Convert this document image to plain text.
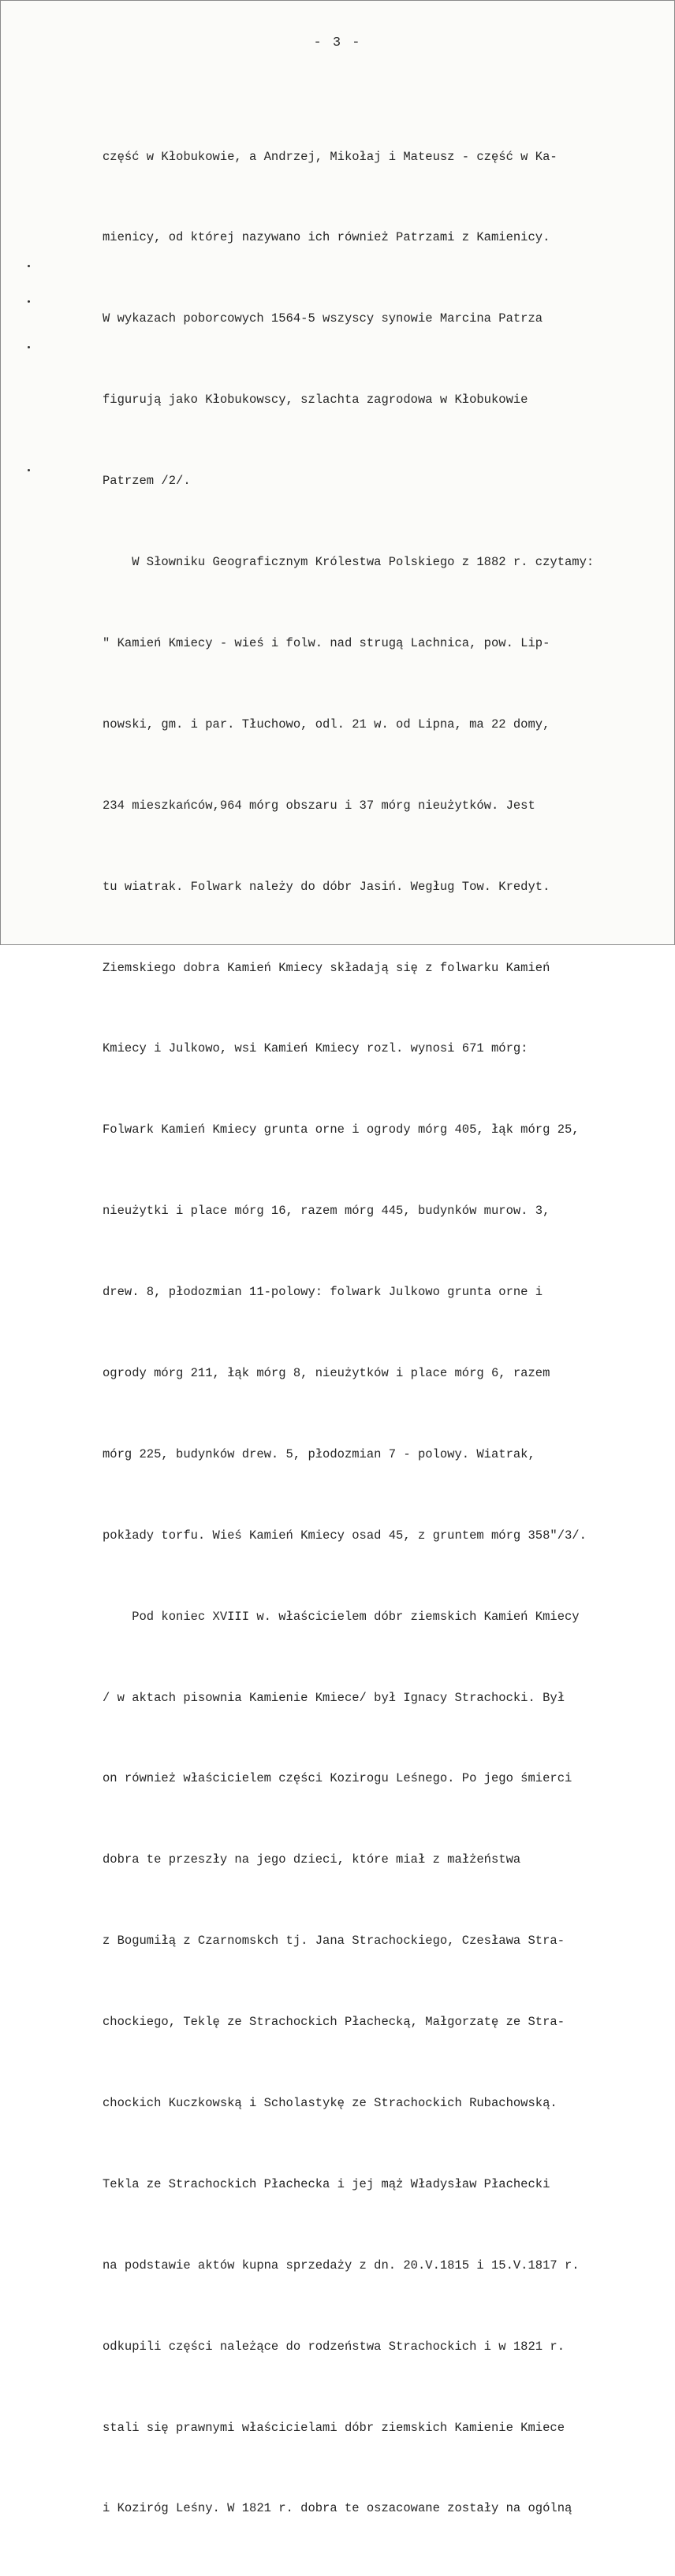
- 3 -

część w Kłobukowie, a Andrzej, Mikołaj i Mateusz - część w Ka-

mienicy, od której nazywano ich również Patrzami z Kamienicy.

W wykazach poborcowych 1564-5 wszyscy synowie Marcina Patrza

figurują jako Kłobukowscy, szlachta zagrodowa w Kłobukowie

Patrzem /2/.

W Słowniku Geograficznym Królestwa Polskiego z 1882 r. czytamy:

" Kamień Kmiecy - wieś i folw. nad strugą Lachnica, pow. Lip-

nowski, gm. i par. Tłuchowo, odl. 21 w. od Lipna, ma 22 domy,

234 mieszkańców,964 mórg obszaru i 37 mórg nieużytków. Jest

tu wiatrak. Folwark należy do dóbr Jasiń. Wegług Tow. Kredyt.

Ziemskiego dobra Kamień Kmiecy składają się z folwarku Kamień

Kmiecy i Julkowo, wsi Kamień Kmiecy rozl. wynosi 671 mórg:

Folwark Kamień Kmiecy grunta orne i ogrody mórg 405, łąk mórg 25,

nieużytki i place mórg 16, razem mórg 445, budynków murow. 3,

drew. 8, płodozmian 11-polowy: folwark Julkowo grunta orne i

ogrody mórg 211, łąk mórg 8, nieużytków i place mórg 6, razem

mórg 225, budynków drew. 5, płodozmian 7 - polowy. Wiatrak,

pokłady torfu. Wieś Kamień Kmiecy osad 45, z gruntem mórg 358"/3/.

Pod koniec XVIII w. właścicielem dóbr ziemskich Kamień Kmiecy

/ w aktach pisownia Kamienie Kmiece/ był Ignacy Strachocki. Był

on również właścicielem części Kozirogu Leśnego. Po jego śmierci

dobra te przeszły na jego dzieci, które miał z małżeństwa

z Bogumiłą z Czarnomskch tj. Jana Strachockiego, Czesława Stra-

chockiego, Teklę ze Strachockich Płachecką, Małgorzatę ze Stra-

chockich Kuczkowską i Scholastykę ze Strachockich Rubachowską.

Tekla ze Strachockich Płachecka i jej mąż Władysław Płachecki

na podstawie aktów kupna sprzedaży z dn. 20.V.1815 i 15.V.1817 r.

odkupili części należące do rodzeństwa Strachockich i w 1821 r.

stali się prawnymi właścicielami dóbr ziemskich Kamienie Kmiece

i Koziróg Leśny. W 1821 r. dobra te oszacowane zostały na ogólną
